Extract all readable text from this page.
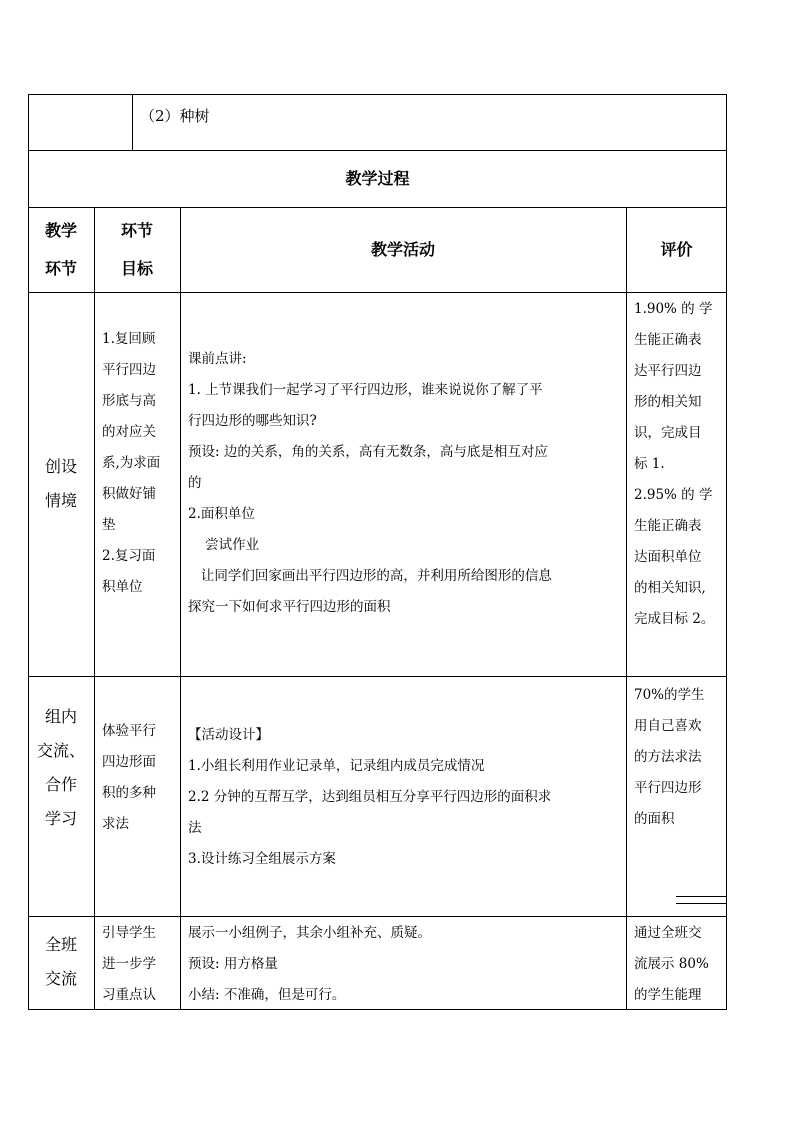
（2）种树
教学过程
教学
环节
环节
目标
教学活动	评价
创设
情境
1.复回顾
平行四边
形底与高
的对应关
系,为求面
积做好铺
垫
2.复习面
积单位
课前点讲:
1. 上节课我们一起学习了平行四边形，谁来说说你了解了平
行四边形的哪些知识?
预设: 边的关系，角的关系，高有无数条，高与底是相互对应
的
2.面积单位
尝试作业
让同学们回家画出平行四边形的高，并利用所给图形的信息
探究一下如何求平行四边形的面积
1.90% 的 学
生能正确表
达平行四边
形的相关知
识，完成目
标 1.
2.95% 的 学
生能正确表
达面积单位
的相关知识,
完成目标 2。
组内
交流、
合作
学习
体验平行
四边形面
积的多种
求法
【活动设计】
1.小组长利用作业记录单，记录组内成员完成情况
2.2 分钟的互帮互学，达到组员相互分享平行四边形的面积求
法
3.设计练习全组展示方案
70%的学生
用自己喜欢
的方法求法
平行四边形
的面积
全班
交流
引导学生
进一步学
习重点认
展示一小组例子，其余小组补充、质疑。
预设: 用方格量
小结: 不准确，但是可行。
通过全班交
流展示 80%
的学生能理
